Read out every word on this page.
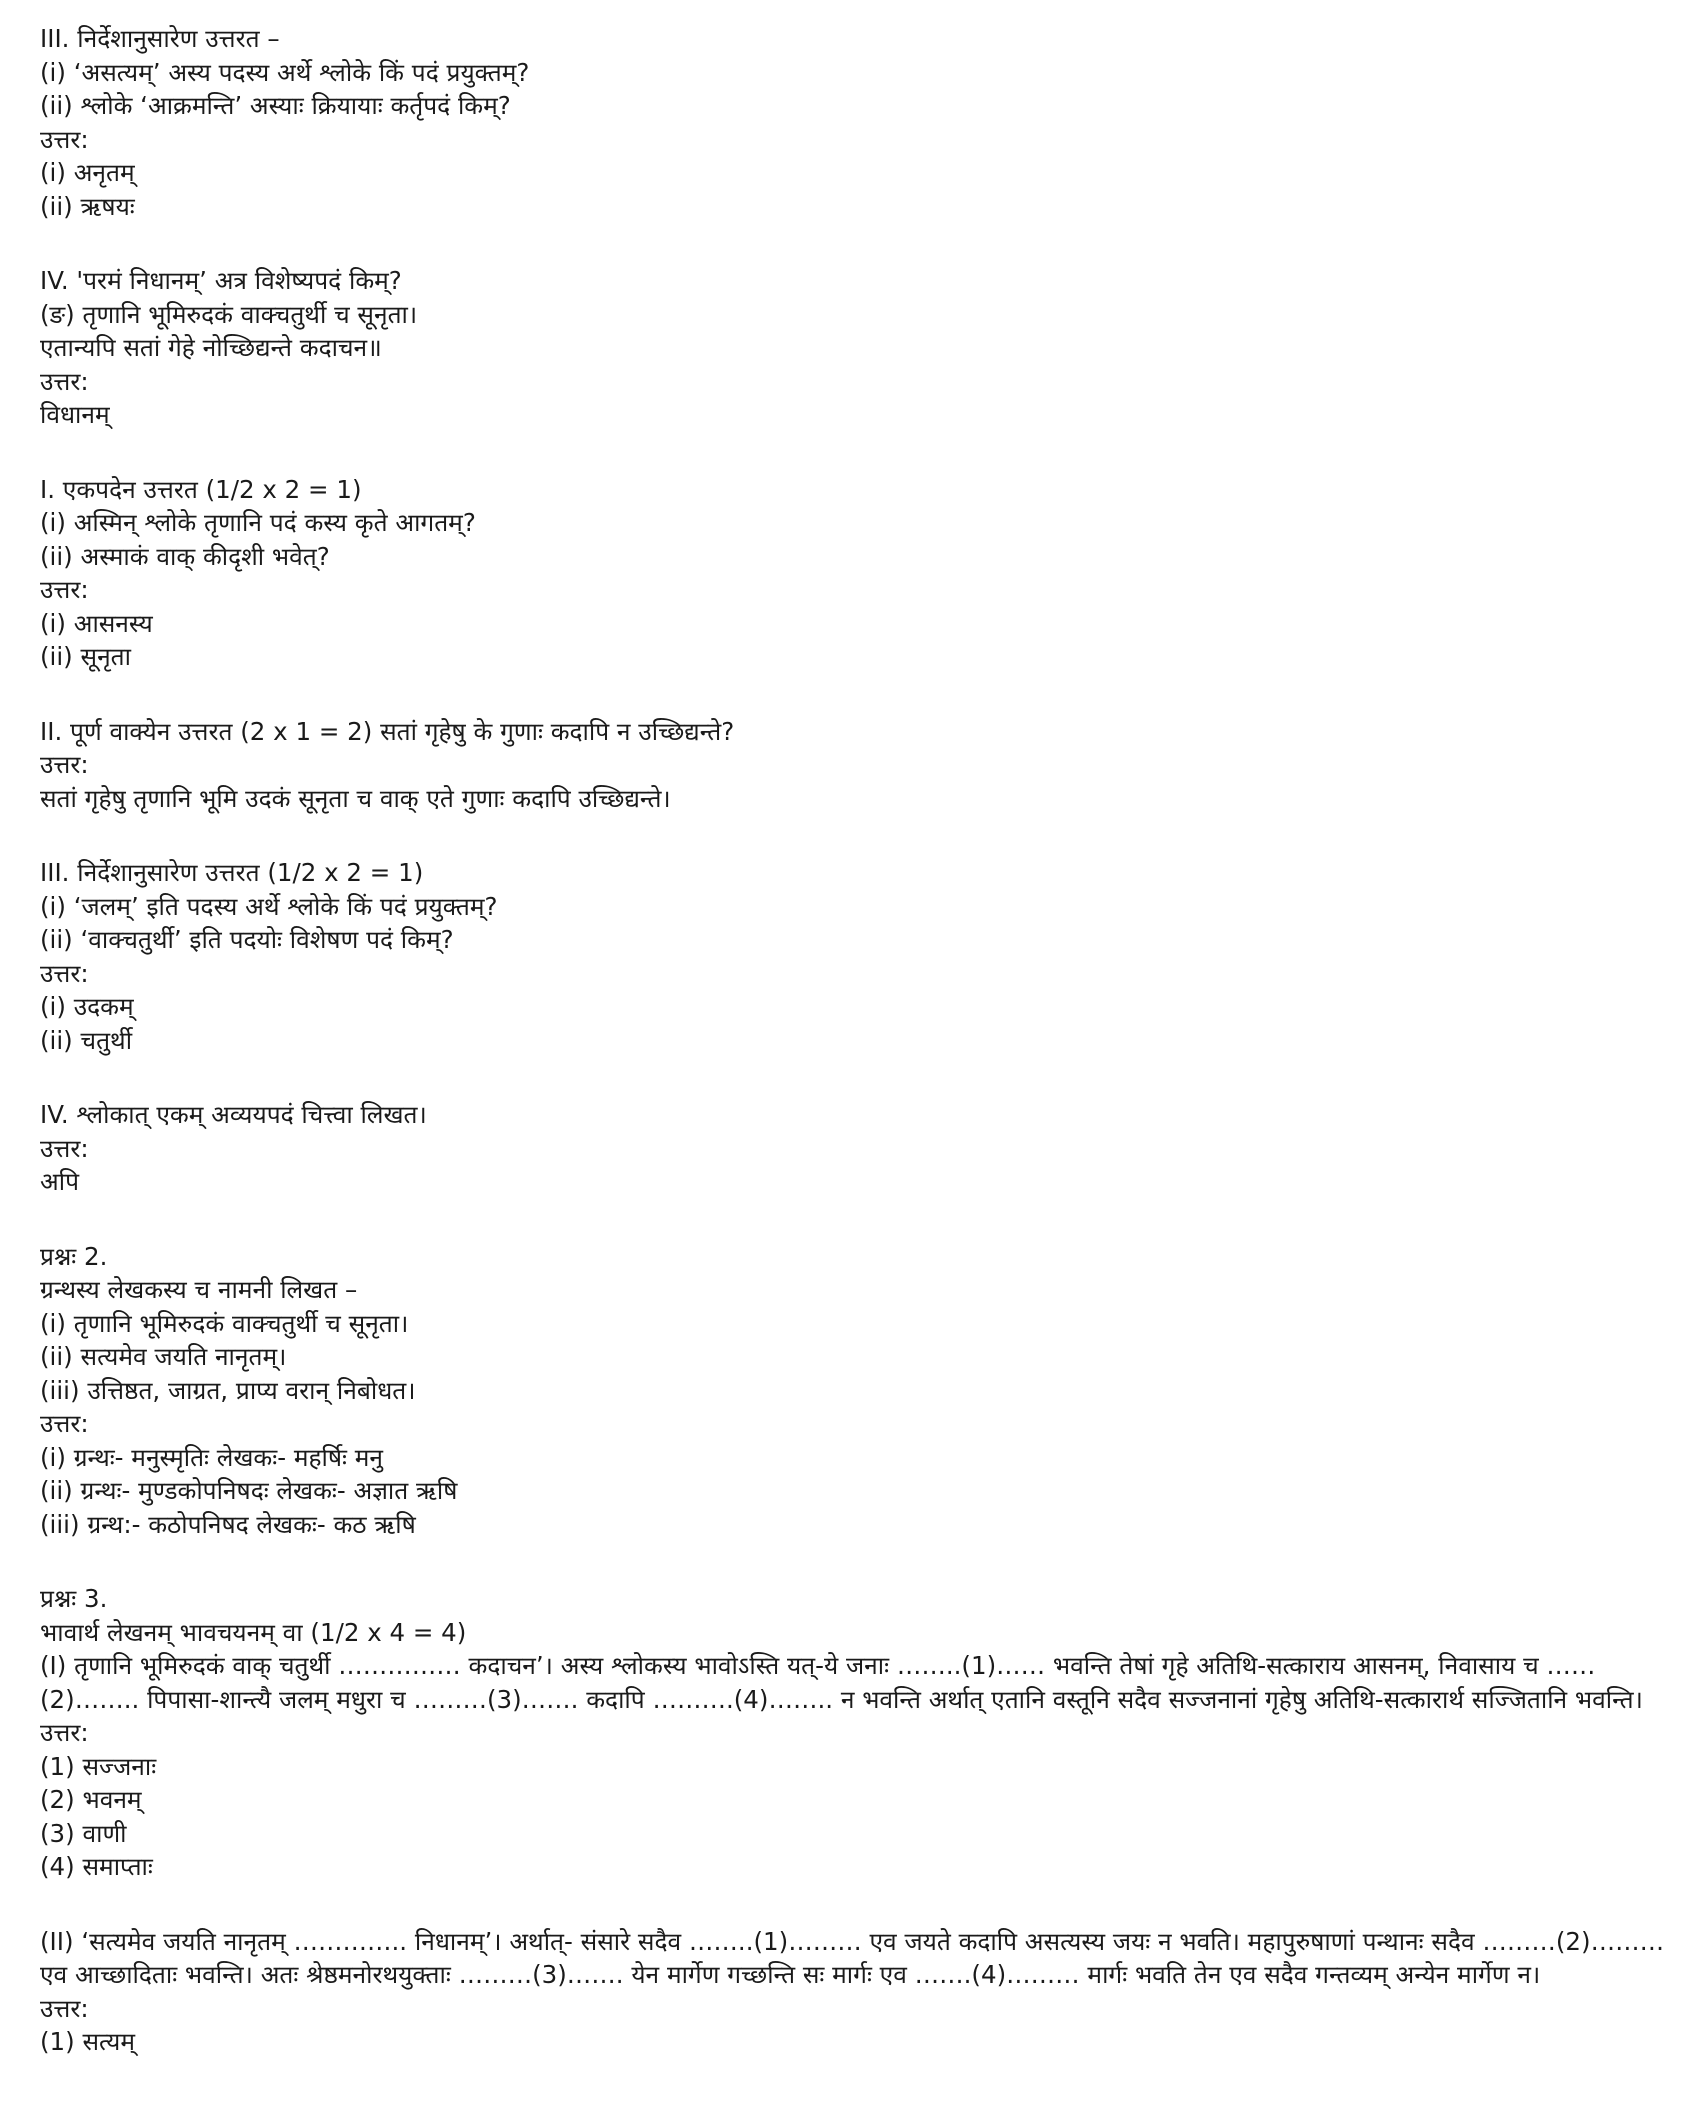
III. निर्देशानुसारेण उत्तरत –
(i) ‘असत्यम्’ अस्य पदस्य अर्थे श्लोके किं पदं प्रयुक्तम्?
(ii) श्लोके ‘आक्रमन्ति’ अस्याः क्रियायाः कर्तृपदं किम्?
उत्तर:
(i) अनृतम्
(ii) ऋषयः
IV. 'परमं निधानम्’ अत्र विशेष्यपदं किम्?
(ङ) तृणानि भूमिरुदकं वाक्चतुर्थी च सूनृता।
एतान्यपि सतां गेहे नोच्छिद्यन्ते कदाचन॥
उत्तर:
विधानम्
I. एकपदेन उत्तरत (1/2 x 2 = 1)
(i) अस्मिन् श्लोके तृणानि पदं कस्य कृते आगतम्?
(ii) अस्माकं वाक् कीदृशी भवेत्?
उत्तर:
(i) आसनस्य
(ii) सूनृता
II. पूर्ण वाक्येन उत्तरत (2 x 1 = 2) सतां गृहेषु के गुणाः कदापि न उच्छिद्यन्ते?
उत्तर:
सतां गृहेषु तृणानि भूमि उदकं सूनृता च वाक् एते गुणाः कदापि उच्छिद्यन्ते।
III. निर्देशानुसारेण उत्तरत (1/2 x 2 = 1)
(i) ‘जलम्’ इति पदस्य अर्थे श्लोके किं पदं प्रयुक्तम्?
(ii) ‘वाक्चतुर्थी’ इति पदयोः विशेषण पदं किम्?
उत्तर:
(i) उदकम्
(ii) चतुर्थी
IV. श्लोकात् एकम् अव्ययपदं चित्त्वा लिखत।
उत्तर:
अपि
प्रश्नः 2.
ग्रन्थस्य लेखकस्य च नामनी लिखत –
(i) तृणानि भूमिरुदकं वाक्चतुर्थी च सूनृता।
(ii) सत्यमेव जयति नानृतम्।
(iii) उत्तिष्ठत, जाग्रत, प्राप्य वरान् निबोधत।
उत्तर:
(i) ग्रन्थः- मनुस्मृतिः लेखकः- महर्षिः मनु
(ii) ग्रन्थः- मुण्डकोपनिषदः लेखकः- अज्ञात ऋषि
(iii) ग्रन्थ:- कठोपनिषद लेखकः- कठ ऋषि
प्रश्नः 3.
भावार्थ लेखनम् भावचयनम् वा (1/2 x 4 = 4)
(I) तृणानि भूमिरुदकं वाक् चतुर्थी …………… कदाचन’। अस्य श्लोकस्य भावोऽस्ति यत्-ये जनाः ……..(1)…… भवन्ति तेषां गृहे अतिथि-सत्काराय आसनम्, निवासाय च ……(2)…….. पिपासा-शान्त्यै जलम् मधुरा च ………(3)……. कदापि ……….(4)…….. न भवन्ति अर्थात् एतानि वस्तूनि सदैव सज्जनानां गृहेषु अतिथि-सत्कारार्थ सज्जितानि भवन्ति।
उत्तर:
(1) सज्जनाः
(2) भवनम्
(3) वाणी
(4) समाप्ताः
(II) ‘सत्यमेव जयति नानृतम् ………….. निधानम्’। अर्थात्- संसारे सदैव ……..(1)……… एव जयते कदापि असत्यस्य जयः न भवति। महापुरुषाणां पन्थानः सदैव ………(2)……… एव आच्छादिताः भवन्ति। अतः श्रेष्ठमनोरथयुक्ताः ………(3)……. येन मार्गेण गच्छन्ति सः मार्गः एव …….(4)……… मार्गः भवति तेन एव सदैव गन्तव्यम् अन्येन मार्गेण न।
उत्तर:
(1) सत्यम्
